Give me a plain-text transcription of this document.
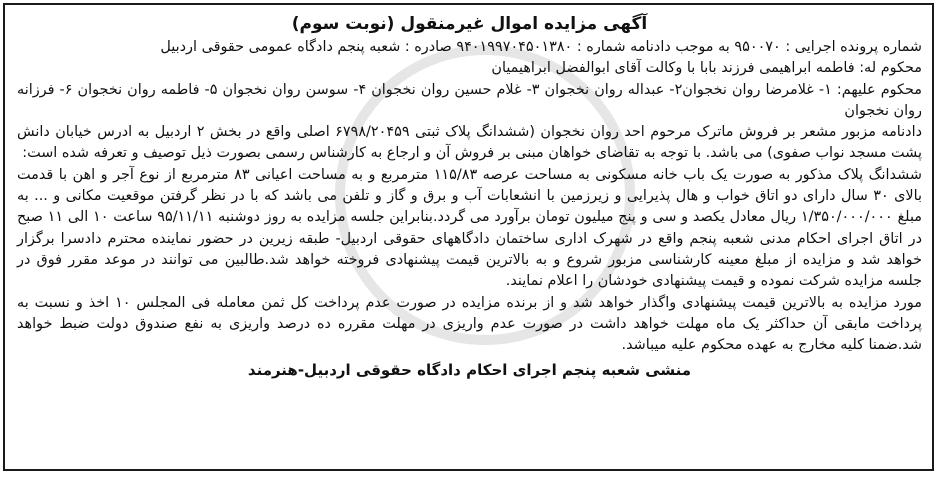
آگهی مزایده اموال غیرمنقول (نوبت سوم)
شماره پرونده اجرایی : ۹۵۰۰۷۰ به موجب دادنامه شماره : ۹۴۰۱۹۹۷۰۴۵۰۱۳۸۰ صادره : شعبه پنجم دادگاه عمومی حقوقی اردبیل
محکوم له: فاطمه ابراهیمی فرزند بابا با وکالت آقای ابوالفضل ابراهیمیان
محکوم علیهم: ۱- غلامرضا روان نخجوان۲- عبداله روان نخجوان ۳- غلام حسین روان نخجوان ۴- سوسن روان نخجوان ۵- فاطمه روان نخجوان ۶- فرزانه روان نخجوان
دادنامه مزبور مشعر بر فروش ماترک مرحوم احد روان نخجوان (ششدانگ پلاک ثبتی ۶۷۹۸/۲۰۴۵۹ اصلی واقع در بخش ۲ اردبیل به ادرس خیابان دانش پشت مسجد نواب صفوی) می باشد. با توجه به تقاضای خواهان مبنی بر فروش آن و ارجاع به کارشناس رسمی بصورت ذیل توصیف و تعرفه شده است:
ششدانگ پلاک مذکور به صورت یک باب خانه مسکونی به مساحت عرصه ۱۱۵/۸۳ مترمربع و به مساحت اعیانی ۸۳ مترمربع از نوع آجر و اهن با قدمت بالای ۳۰ سال دارای دو اتاق خواب و هال پذیرایی و زیرزمین با انشعابات آب و برق و گاز و تلفن می باشد که با در نظر گرفتن موقعیت مکانی و ... به مبلغ ۱/۳۵۰/۰۰۰/۰۰۰ ریال معادل یکصد و سی و پنج میلیون تومان برآورد می گردد.بنابراین جلسه مزایده به روز دوشنبه ۹۵/۱۱/۱۱ ساعت ۱۰ الی ۱۱ صبح در اتاق اجرای احکام مدنی شعبه پنجم واقع در شهرک اداری ساختمان دادگاههای حقوقی اردبیل- طبقه زیرین در حضور نماینده محترم دادسرا برگزار خواهد شد و مزایده از مبلغ معینه کارشناسی مزبور شروع و به بالاترین قیمت پیشنهادی فروخته خواهد شد.طالبین می توانند در موعد مقرر فوق در جلسه مزایده شرکت نموده و قیمت پیشنهادی خودشان را اعلام نمایند.
مورد مزایده به بالاترین قیمت پیشنهادی واگذار خواهد شد و از برنده مزایده در صورت عدم پرداخت کل ثمن معامله فی المجلس ۱۰ اخذ و نسبت به پرداخت مابقی آن حداکثر یک ماه مهلت خواهد داشت در صورت عدم واریزی در مهلت مقرره ده درصد واریزی به نفع صندوق دولت ضبط خواهد شد.ضمنا کلیه مخارج به عهده محکوم علیه میباشد.
منشی شعبه پنجم اجرای احکام دادگاه حقوقی اردبیل-هنرمند
